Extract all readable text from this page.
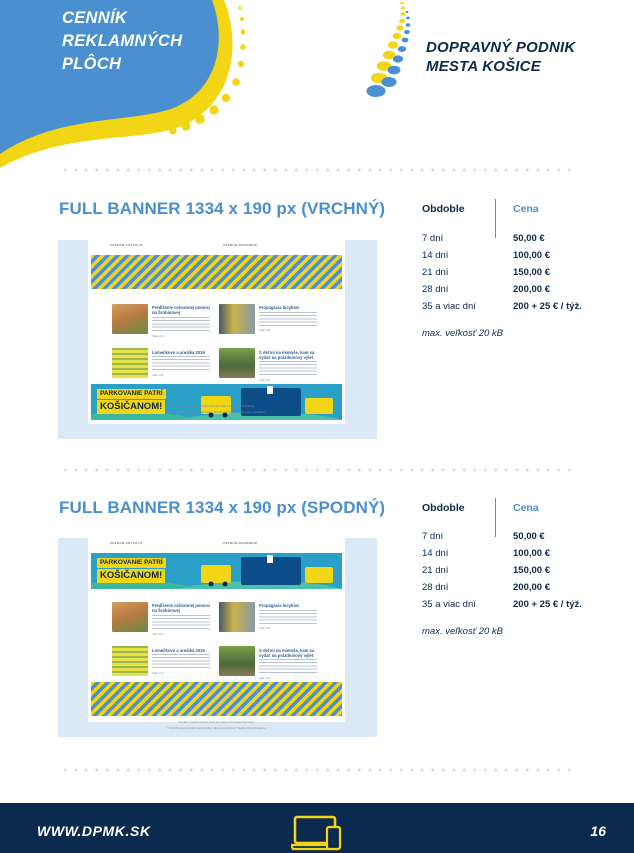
CENNÍK
REKLAMNÝCH
PLÔCH
DOPRAVNÝ PODNIK
MESTA KOŠICE
FULL BANNER 1334 x 190 px (VRCHNÝ)
ZOZNAM AKTUALÍT	ZOZNAM OZNÁMENÍ
Predĺženie ochrannej pomoci na Šrobárovej
Viac info
Propagácia bicyklov
Viac info
Lomečkovo a areálka 2019
Viac info
S deťmi na mimoše, kam sa vydať na prázdninový výlet
Viac info
PARKOVANIE PATRÍ
KOŠIČANOM!	Pre tlač a médiá Ochrana osobných údajov Informácie Podmienky
© 2019 Dopravný podnik mesta Košice, akciová spoločnosť. Všetky práva vyhradené.
Obdoble	Cena
7 dní	50,00 €
14 dní	100,00 €
21 dní	150,00 €
28 dní	200,00 €
35 a viac dní	200 + 25 € / týž.
max. veľkosť 20 kB
FULL BANNER 1334 x 190 px (SPODNÝ)
ZOZNAM AKTUALÍT	ZOZNAM OZNÁMENÍ
PARKOVANIE PATRÍ
KOŠIČANOM!
Predĺženie ochrannej pomoci na Šrobárovej
Viac info
Propagácia bicyklov
Viac info
Lomečkovo a areálka 2019
Viac info
S deťmi na mimoše, kam sa vydať na prázdninový výlet
Viac info
Pre tlač a médiá Ochrana osobných údajov Informácie Podmienky
© 2019 Dopravný podnik mesta Košice, akciová spoločnosť. Všetky práva vyhradené.
Obdoble	Cena
7 dní	50,00 €
14 dní	100,00 €
21 dní	150,00 €
28 dní	200,00 €
35 a viac dní	200 + 25 € / týž.
max. veľkosť 20 kB
WWW.DPMK.SK	16
